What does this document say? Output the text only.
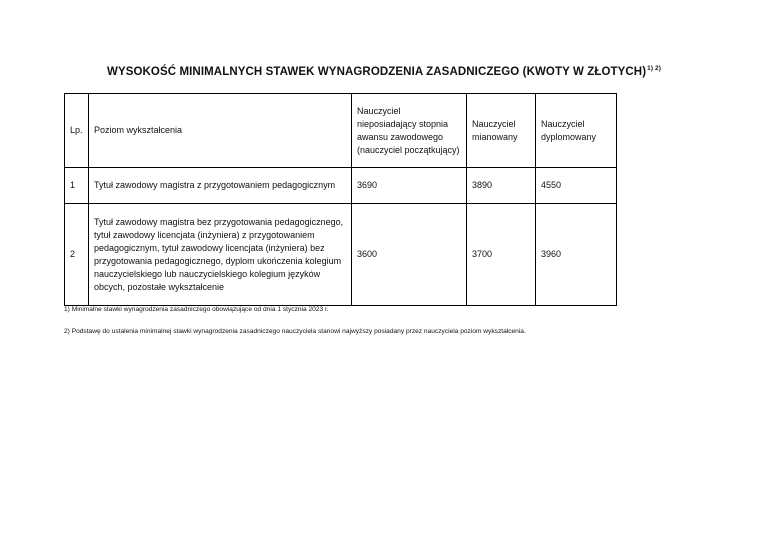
WYSOKOŚĆ MINIMALNYCH STAWEK WYNAGRODZENIA ZASADNICZEGO (KWOTY W ZŁOTYCH)$^{1) 2)}$
Lp.	Poziom wykształcenia	Nauczyciel nieposiadający stopnia awansu zawodowego (nauczyciel początkujący)	Nauczyciel mianowany	Nauczyciel dyplomowany
1	Tytuł zawodowy magistra z przygotowaniem pedagogicznym	3690	3890	4550
2	Tytuł zawodowy magistra bez przygotowania pedagogicznego, tytuł zawodowy licencjata (inżyniera) z przygotowaniem pedagogicznym, tytuł zawodowy licencjata (inżyniera) bez przygotowania pedagogicznego, dyplom ukończenia kolegium nauczycielskiego lub nauczycielskiego kolegium języków obcych, pozostałe wykształcenie	3600	3700	3960
1) Minimalne stawki wynagrodzenia zasadniczego obowiązujące od dnia 1 stycznia 2023 r.
2) Podstawę do ustalenia minimalnej stawki wynagrodzenia zasadniczego nauczyciela stanowi najwyższy posiadany przez nauczyciela poziom wykształcenia.
